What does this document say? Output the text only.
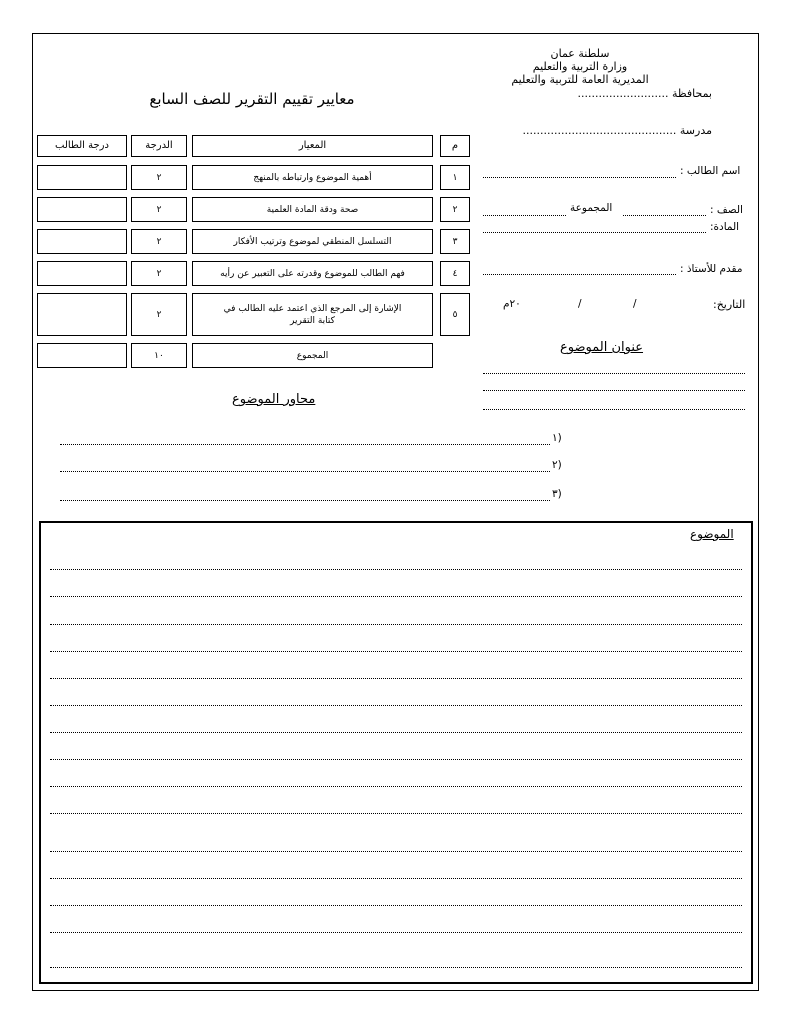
سلطنة عمان
وزارة التربية والتعليم
المديرية العامة للتربية والتعليم
بمحافظة ..........................
مدرسة ............................................
معايير تقييم التقرير للصف السابع
م
المعيار
الدرجة
درجة الطالب
١
أهمية الموضوع وارتباطه بالمنهج
٢
٢
صحة ودقة المادة العلمية
٢
٣
التسلسل المنطقي لموضوع وترتيب الأفكار
٢
٤
فهم الطالب للموضوع وقدرته على التعبير عن رأيه
٢
٥
الإشارة إلى المرجع الذي اعتمد عليه الطالب في كتابة التقرير
٢
المجموع
١٠
اسم الطالب :
الصف :
المجموعة
المادة:
مقدم للأستاذ :
التاريخ:
/
/
٢٠م
عنوان الموضوع
محاور الموضوع
(١
(٢
(٣
الموضوع
